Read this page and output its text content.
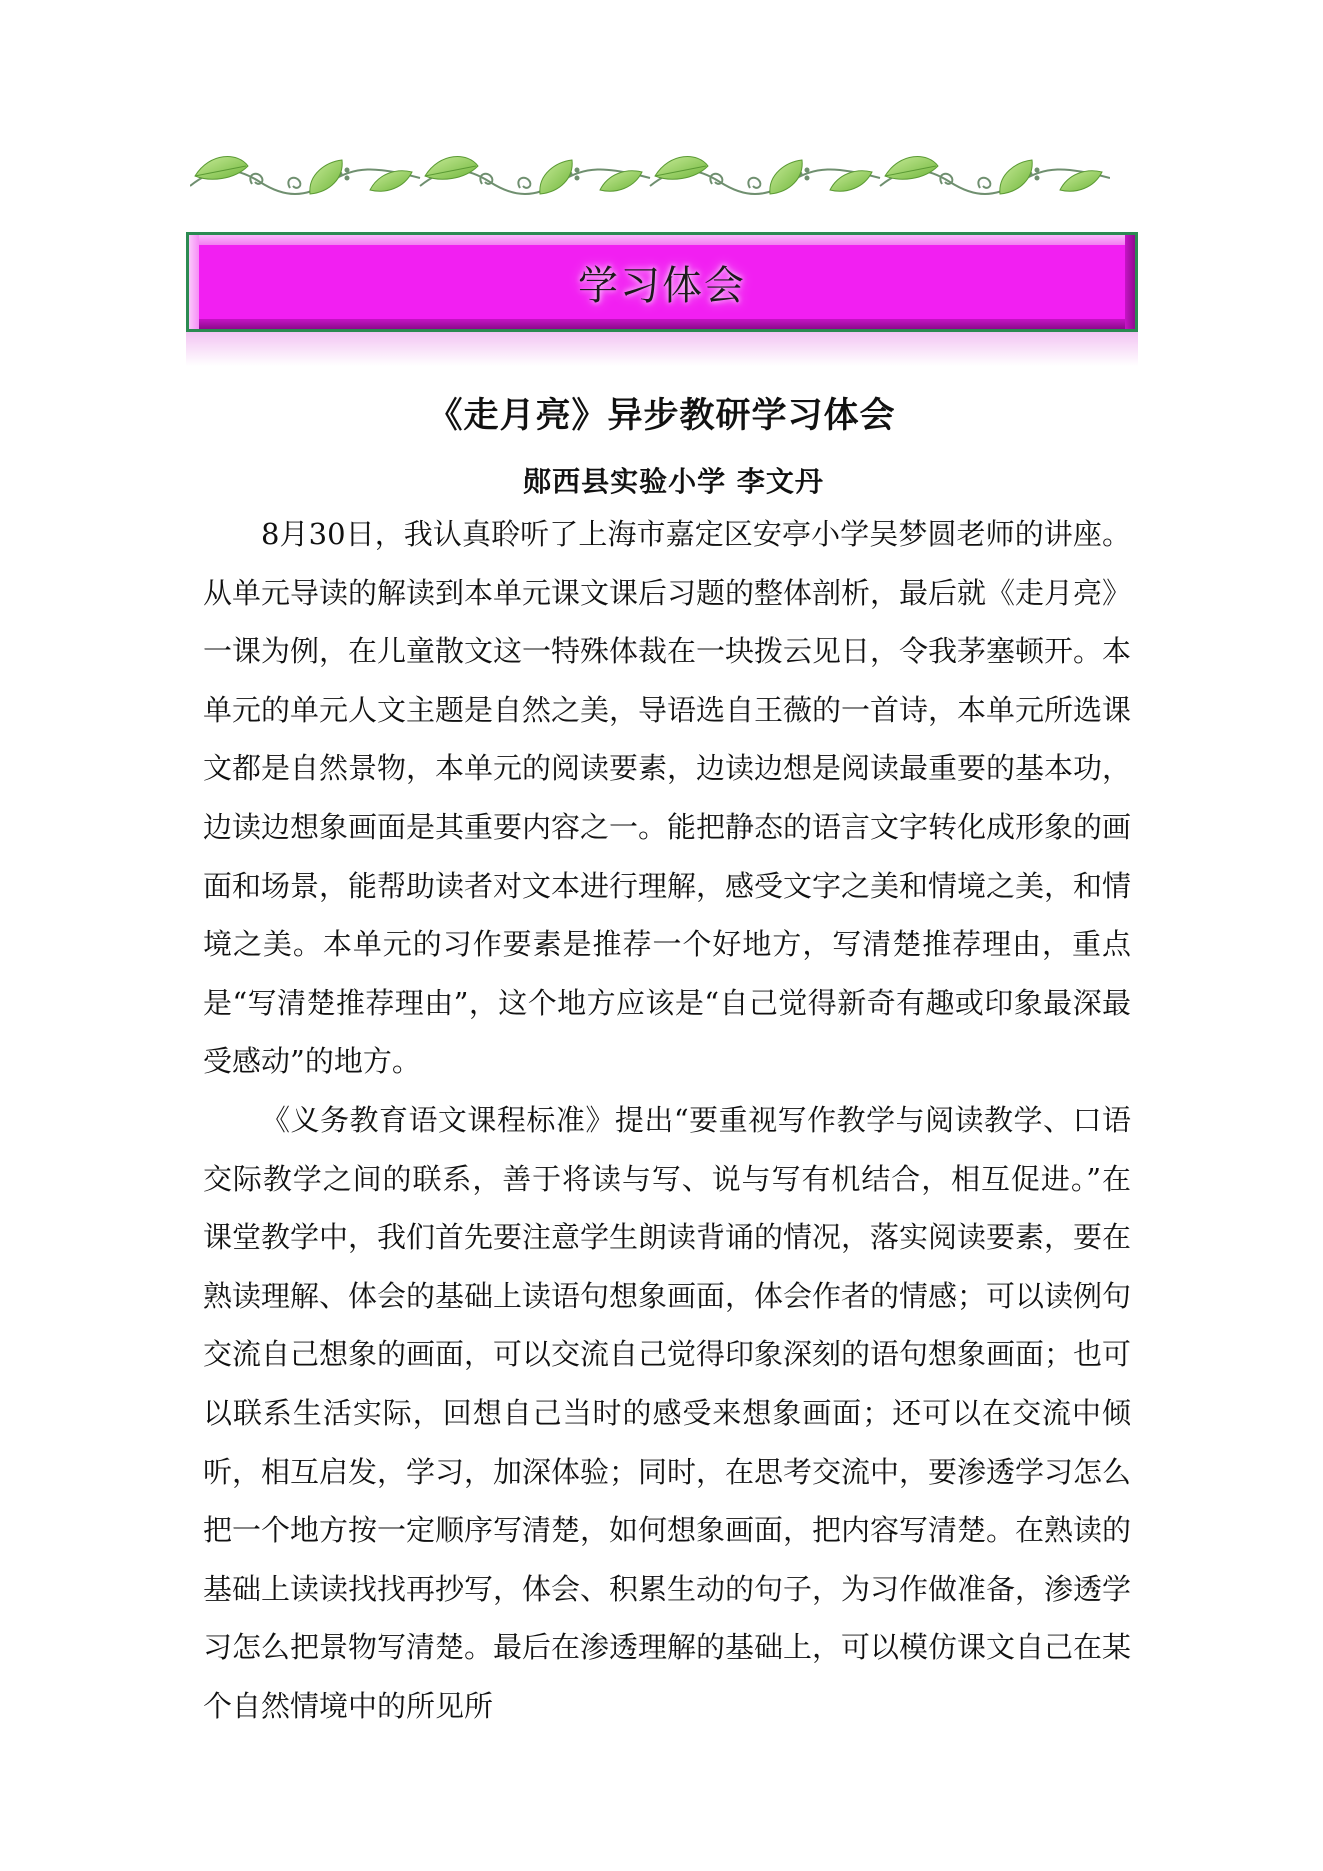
学习体会
《走月亮》异步教研学习体会
郧西县实验小学 李文丹

8月30日，我认真聆听了上海市嘉定区安亭小学吴梦圆老师的讲座。从单元导读的解读到本单元课文课后习题的整体剖析，最后就《走月亮》一课为例，在儿童散文这一特殊体裁在一块拨云见日，令我茅塞顿开。本单元的单元人文主题是自然之美，导语选自王薇的一首诗，本单元所选课文都是自然景物，本单元的阅读要素，边读边想是阅读最重要的基本功，边读边想象画面是其重要内容之一。能把静态的语言文字转化成形象的画面和场景，能帮助读者对文本进行理解，感受文字之美和情境之美，和情境之美。本单元的习作要素是推荐一个好地方，写清楚推荐理由，重点是“写清楚推荐理由”，这个地方应该是“自己觉得新奇有趣或印象最深最受感动”的地方。

《义务教育语文课程标准》提出“要重视写作教学与阅读教学、口语交际教学之间的联系，善于将读与写、说与写有机结合，相互促进。”在课堂教学中，我们首先要注意学生朗读背诵的情况，落实阅读要素，要在熟读理解、体会的基础上读语句想象画面，体会作者的情感；可以读例句交流自己想象的画面，可以交流自己觉得印象深刻的语句想象画面；也可以联系生活实际，回想自己当时的感受来想象画面；还可以在交流中倾听，相互启发，学习，加深体验；同时，在思考交流中，要渗透学习怎么把一个地方按一定顺序写清楚，如何想象画面，把内容写清楚。在熟读的基础上读读找找再抄写，体会、积累生动的句子，为习作做准备，渗透学习怎么把景物写清楚。最后在渗透理解的基础上，可以模仿课文自己在某个自然情境中的所见所
